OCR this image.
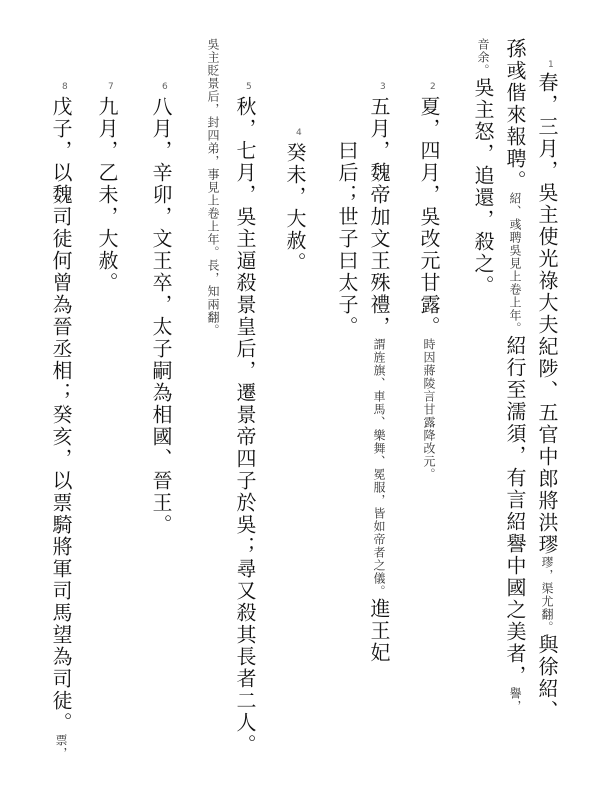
1
春，三月，吳主使光祿大夫紀陟、五官中郎將洪璆璆，渠尤翻。與徐紹、
孫彧偕來報聘。紹、彧聘吳見上卷上年。紹行至濡須，有言紹譽中國之美者，譽，
音余。吳主怒，追還，殺之。
2
夏，四月，吳改元甘露。時因蔣陵言甘露降改元。
3
五月，魏帝加文王殊禮，謂旌旗、車馬、樂舞、冕服，皆如帝者之儀。進王妃
曰后；世子曰太子。
4
癸未，大赦。
5
秋，七月，吳主逼殺景皇后，遷景帝四子於吳；尋又殺其長者二人。
吳主貶景后，封四弟，事見上卷上年。長，知兩翻。
6
八月，辛卯，文王卒，太子嗣為相國、晉王。
7
九月，乙未，大赦。
8
戊子，以魏司徒何曾為晉丞相；癸亥，以票騎將軍司馬望為司徒。票，
